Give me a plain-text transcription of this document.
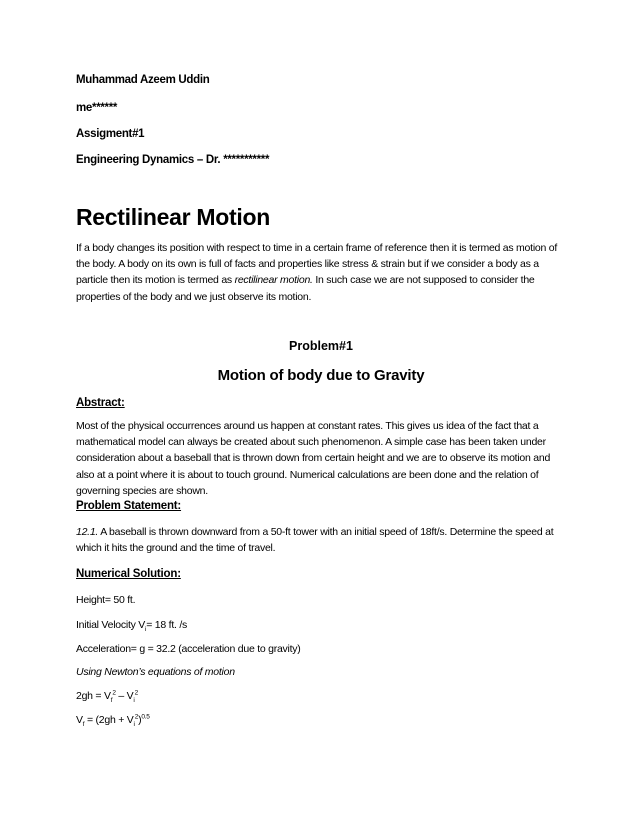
Muhammad Azeem Uddin
me******
Assigment#1
Engineering Dynamics – Dr. ***********
Rectilinear Motion
If a body changes its position with respect to time in a certain frame of reference then it is termed as motion of the body. A body on its own is full of facts and properties like stress & strain but if we consider a body as a particle then its motion is termed as rectilinear motion. In such case we are not supposed to consider the properties of the body and we just observe its motion.
Problem#1
Motion of body due to Gravity
Abstract:
Most of the physical occurrences around us happen at constant rates. This gives us idea of the fact that a mathematical model can always be created about such phenomenon. A simple case has been taken under consideration about a baseball that is thrown down from certain height and we are to observe its motion and also at a point where it is about to touch ground. Numerical calculations are been done and the relation of governing species are shown.
Problem Statement:
12.1. A baseball is thrown downward from a 50-ft tower with an initial speed of 18ft/s. Determine the speed at which it hits the ground and the time of travel.
Numerical Solution:
Height= 50 ft.
Initial Velocity $V_i= 18$ ft. /s
Acceleration= g = 32.2 (acceleration due to gravity)
Using Newton’s equations of motion
$2gh = V_f^2 - V_i^2$
$V_f = (2gh + V_i^2)^{0.5}$
